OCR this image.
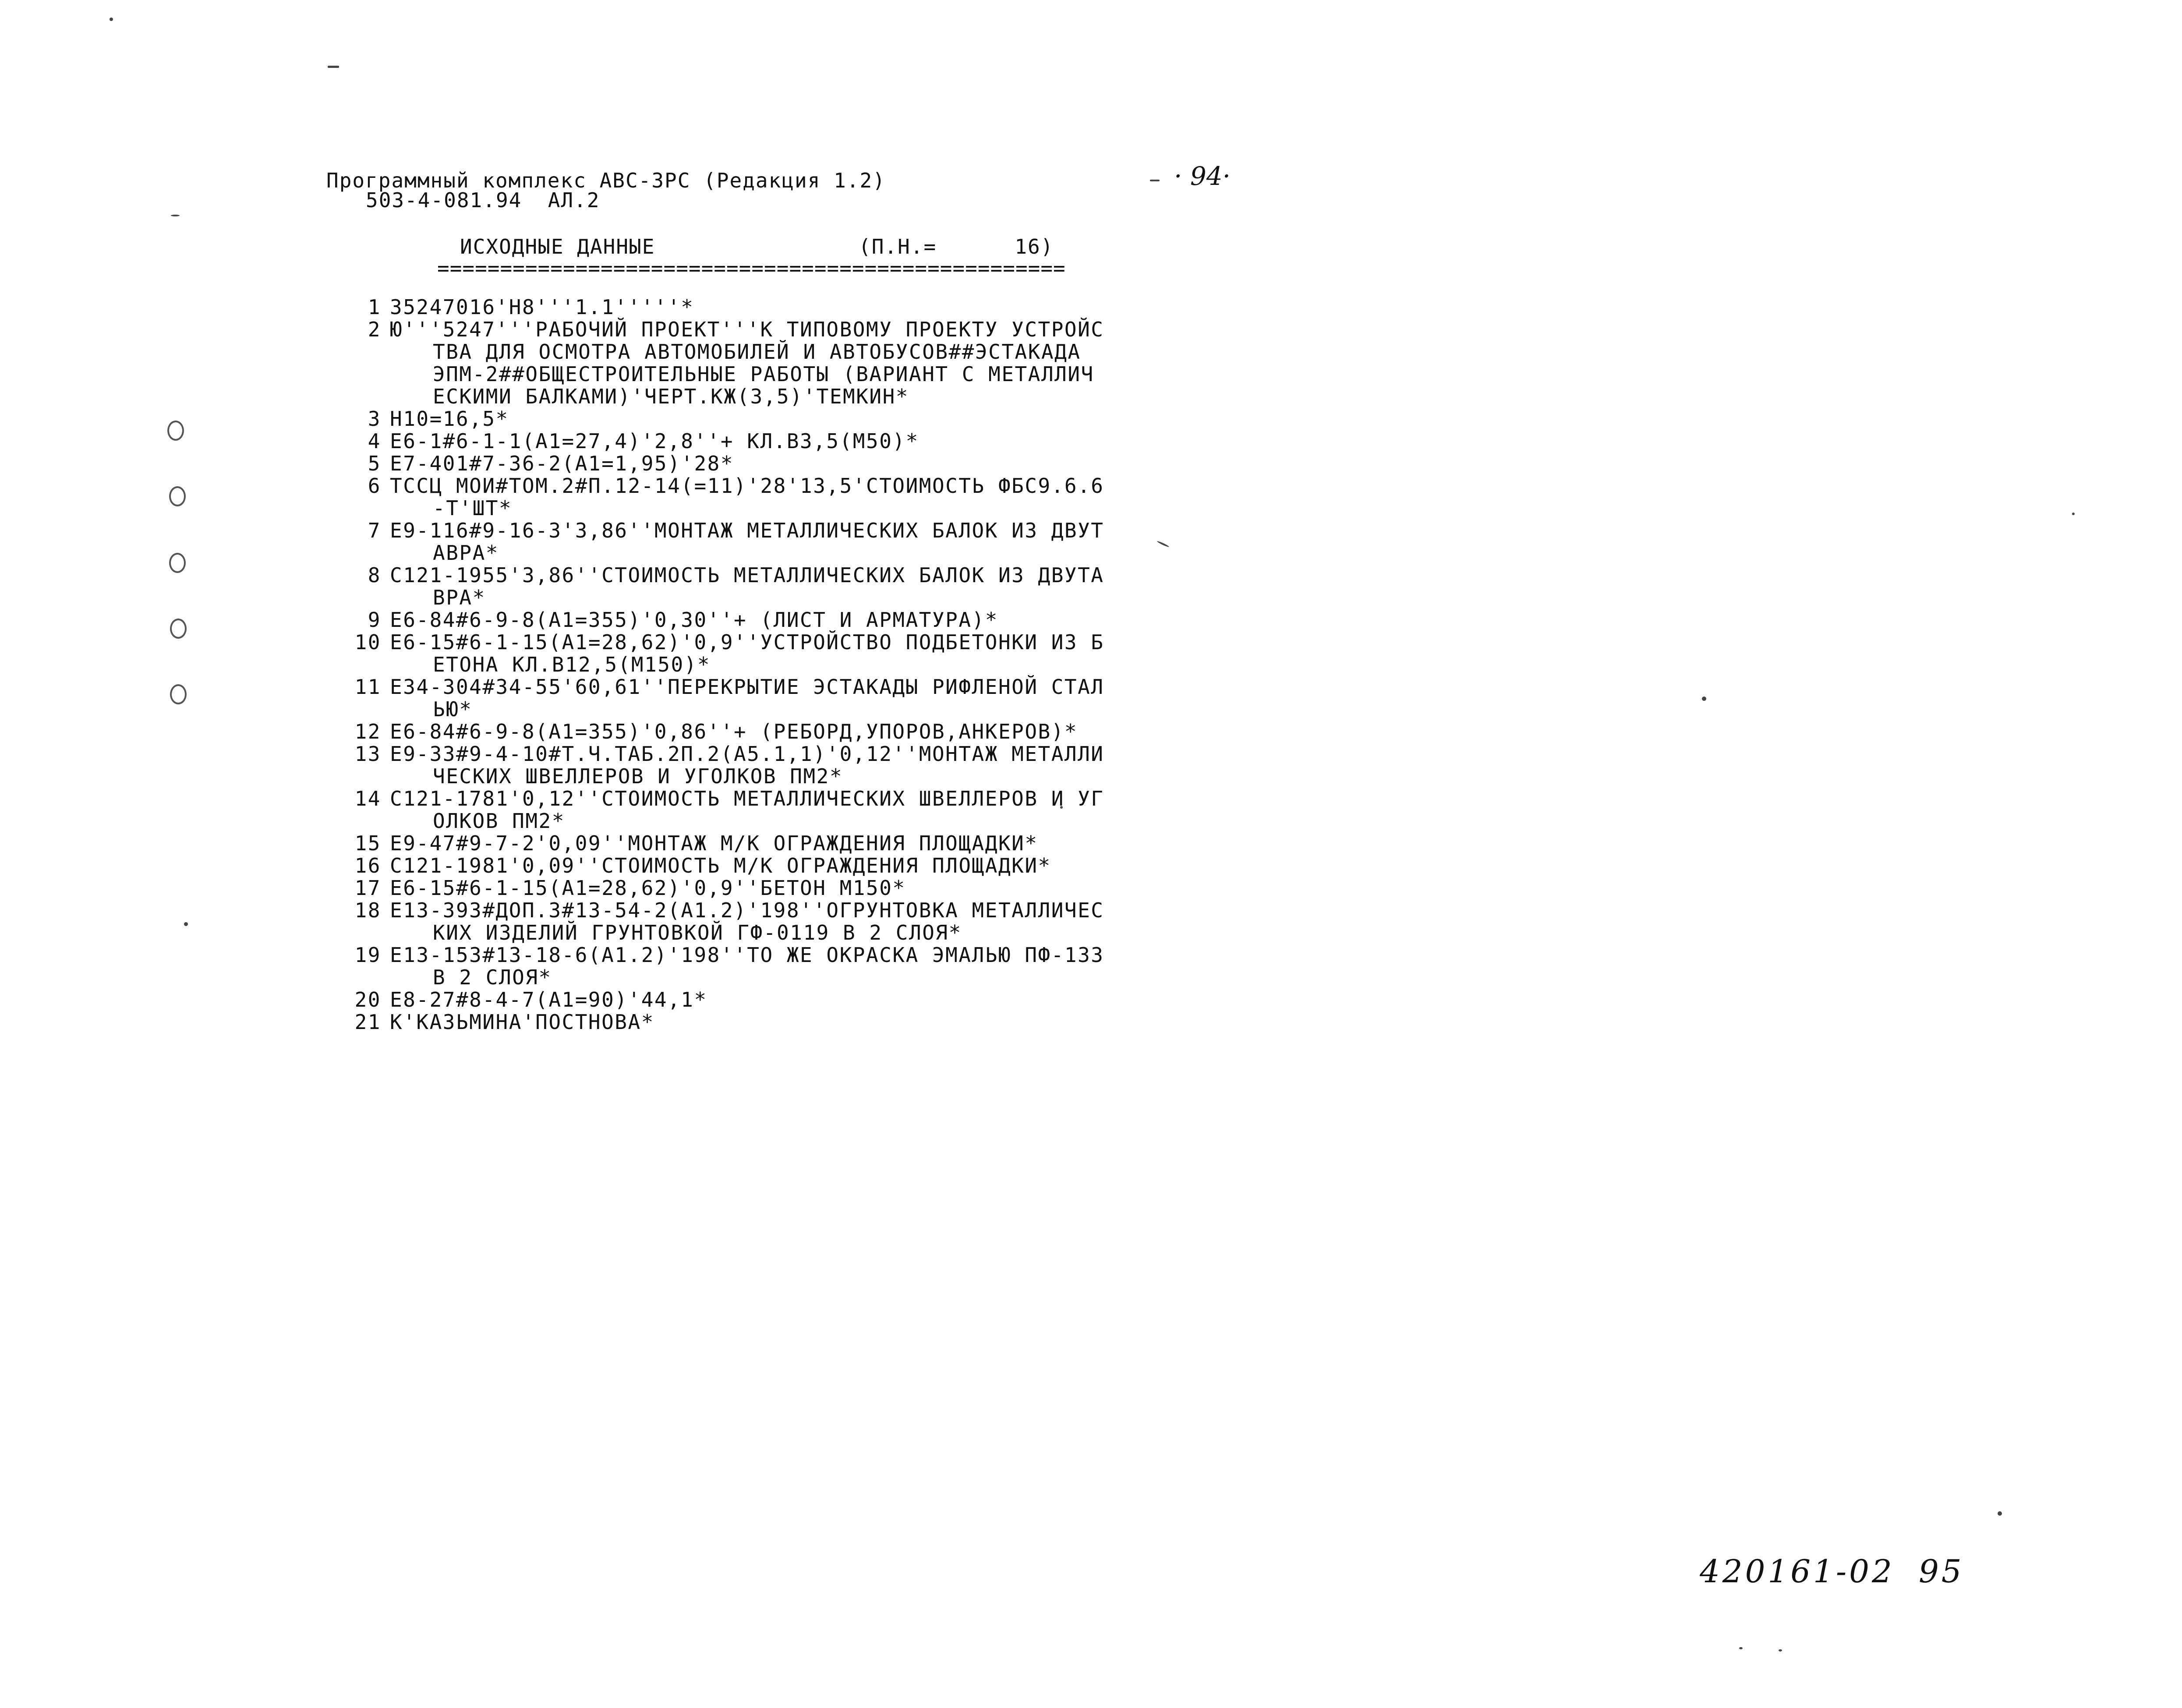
Программный комплекс АВС-3РС (Редакция 1.2)
503-4-081.94  АЛ.2
· 94·
ИСХОДНЫЕ ДАННЫЕ	(П.Н.=      16)
==================================================
1 35247016'Н8'''1.1'''''*
2 Ю'''5247'''РАБОЧИЙ ПРОЕКТ'''К ТИПОВОМУ ПРОЕКТУ УСТРОЙС
ТВА ДЛЯ ОСМОТРА АВТОМОБИЛЕЙ И АВТОБУСОВ##ЭСТАКАДА
ЭПМ-2##ОБЩЕСТРОИТЕЛЬНЫЕ РАБОТЫ (ВАРИАНТ С МЕТАЛЛИЧ
ЕСКИМИ БАЛКАМИ)'ЧЕРТ.КЖ(3,5)'ТЕМКИН*
3 Н10=16,5*
4 Е6-1#6-1-1(А1=27,4)'2,8''+ КЛ.В3,5(М50)*
5 Е7-401#7-36-2(А1=1,95)'28*
6 ТССЦ МОИ#ТОМ.2#П.12-14(=11)'28'13,5'СТОИМОСТЬ ФБС9.6.6
-Т'ШТ*
7 Е9-116#9-16-3'3,86''МОНТАЖ МЕТАЛЛИЧЕСКИХ БАЛОК ИЗ ДВУТ
АВРА*
8 С121-1955'3,86''СТОИМОСТЬ МЕТАЛЛИЧЕСКИХ БАЛОК ИЗ ДВУТА
ВРА*
9 Е6-84#6-9-8(А1=355)'0,30''+ (ЛИСТ И АРМАТУРА)*
10 Е6-15#6-1-15(А1=28,62)'0,9''УСТРОЙСТВО ПОДБЕТОНКИ ИЗ Б
ЕТОНА КЛ.В12,5(М150)*
11 Е34-304#34-55'60,61''ПЕРЕКРЫТИЕ ЭСТАКАДЫ РИФЛЕНОЙ СТАЛ
ЬЮ*
12 Е6-84#6-9-8(А1=355)'0,86''+ (РЕБОРД,УПОРОВ,АНКЕРОВ)*
13 Е9-33#9-4-10#Т.Ч.ТАБ.2П.2(А5.1,1)'0,12''МОНТАЖ МЕТАЛЛИ
ЧЕСКИХ ШВЕЛЛЕРОВ И УГОЛКОВ ПМ2*
14 С121-1781'0,12''СТОИМОСТЬ МЕТАЛЛИЧЕСКИХ ШВЕЛЛЕРОВ И УГ
ОЛКОВ ПМ2*
15 Е9-47#9-7-2'0,09''МОНТАЖ М/К ОГРАЖДЕНИЯ ПЛОЩАДКИ*
16 С121-1981'0,09''СТОИМОСТЬ М/К ОГРАЖДЕНИЯ ПЛОЩАДКИ*
17 Е6-15#6-1-15(А1=28,62)'0,9''БЕТОН М150*
18 Е13-393#ДОП.3#13-54-2(А1.2)'198''ОГРУНТОВКА МЕТАЛЛИЧЕС
КИХ ИЗДЕЛИЙ ГРУНТОВКОЙ ГФ-0119 В 2 СЛОЯ*
19 Е13-153#13-18-6(А1.2)'198''ТО ЖЕ ОКРАСКА ЭМАЛЬЮ ПФ-133
В 2 СЛОЯ*
20 Е8-27#8-4-7(А1=90)'44,1*
21 К'КАЗЬМИНА'ПОСТНОВА*
420161-02 95
